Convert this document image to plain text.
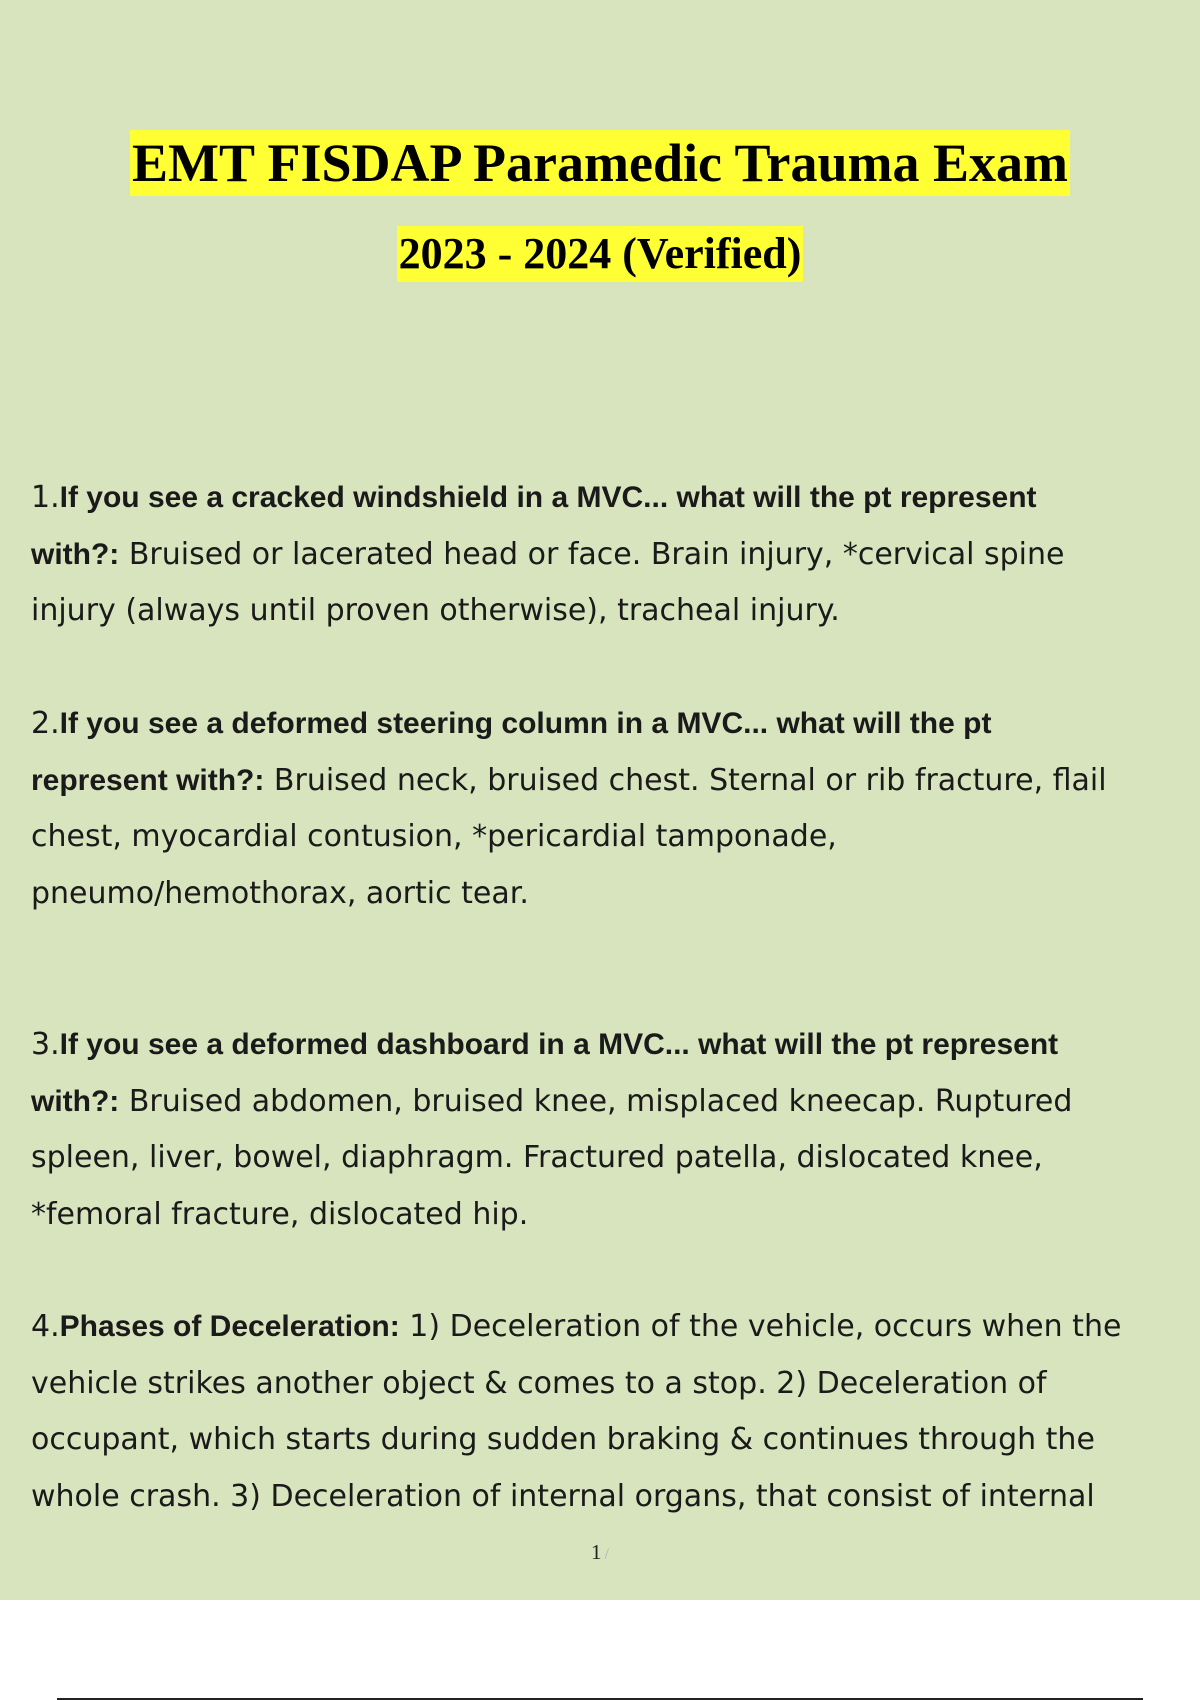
EMT FISDAP Paramedic Trauma Exam
2023 - 2024 (Verified)
1.If you see a cracked windshield in a MVC... what will the pt represent
with?: Bruised or lacerated head or face. Brain injury, *cervical spine
injury (always until proven otherwise), tracheal injury.
2.If you see a deformed steering column in a MVC... what will the pt
represent with?: Bruised neck, bruised chest. Sternal or rib fracture, flail
chest, myocardial contusion, *pericardial tamponade,
pneumo/hemothorax, aortic tear.
3.If you see a deformed dashboard in a MVC... what will the pt represent
with?: Bruised abdomen, bruised knee, misplaced kneecap. Ruptured
spleen, liver, bowel, diaphragm. Fractured patella, dislocated knee,
*femoral fracture, dislocated hip.
4.Phases of Deceleration: 1) Deceleration of the vehicle, occurs when the
vehicle strikes another object & comes to a stop. 2) Deceleration of
occupant, which starts during sudden braking & continues through the
whole crash. 3) Deceleration of internal organs, that consist of internal
1 /
